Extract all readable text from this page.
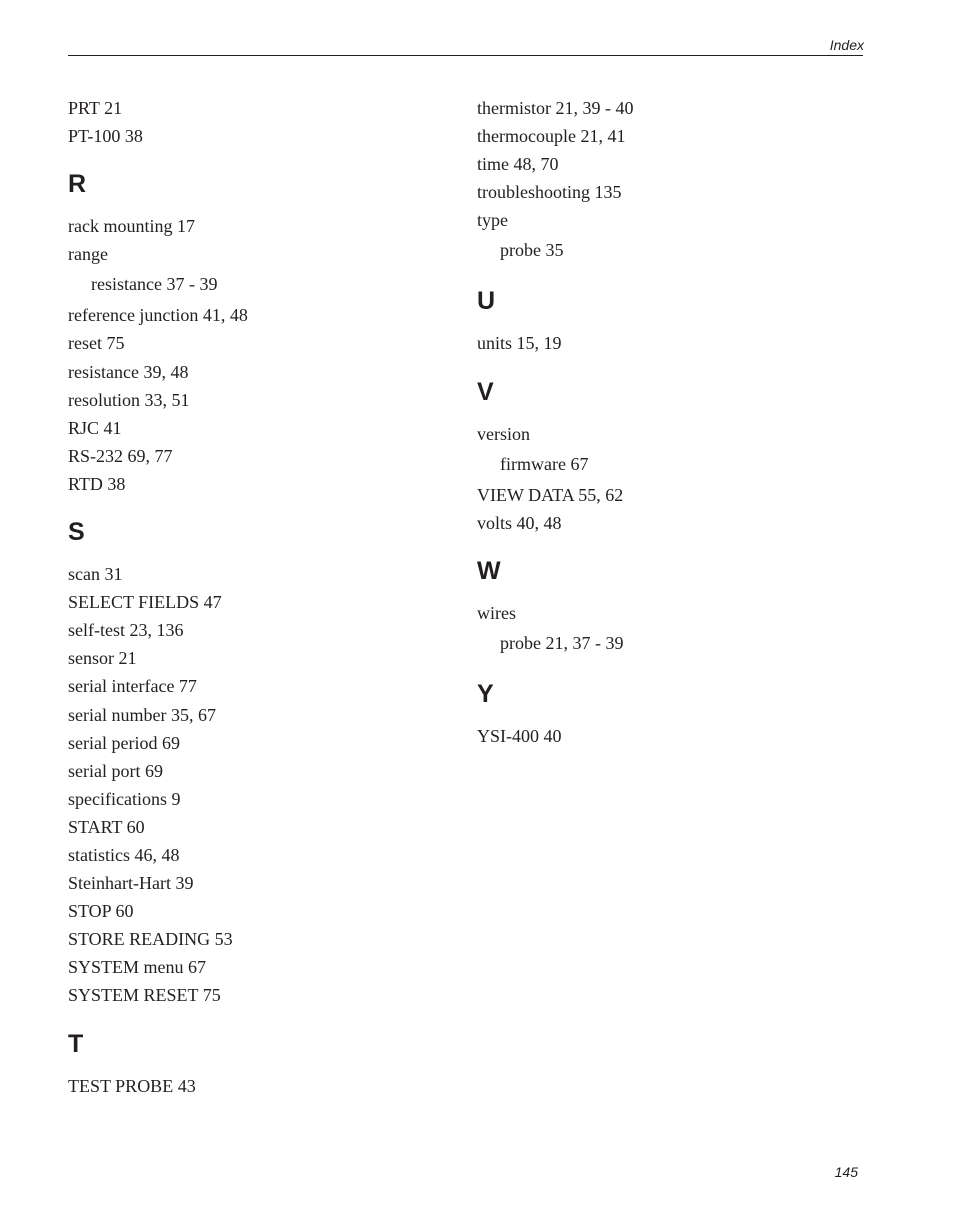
Index
PRT 21
PT-100 38
R
rack mounting 17
range
resistance 37 - 39
reference junction 41, 48
reset 75
resistance 39, 48
resolution 33, 51
RJC 41
RS-232 69, 77
RTD 38
S
scan 31
SELECT FIELDS 47
self-test 23, 136
sensor 21
serial interface 77
serial number 35, 67
serial period 69
serial port 69
specifications 9
START 60
statistics 46, 48
Steinhart-Hart 39
STOP 60
STORE READING 53
SYSTEM menu 67
SYSTEM RESET 75
T
TEST PROBE 43
thermistor 21, 39 - 40
thermocouple 21, 41
time 48, 70
troubleshooting 135
type
probe 35
U
units 15, 19
V
version
firmware 67
VIEW DATA 55, 62
volts 40, 48
W
wires
probe 21, 37 - 39
Y
YSI-400 40
145
